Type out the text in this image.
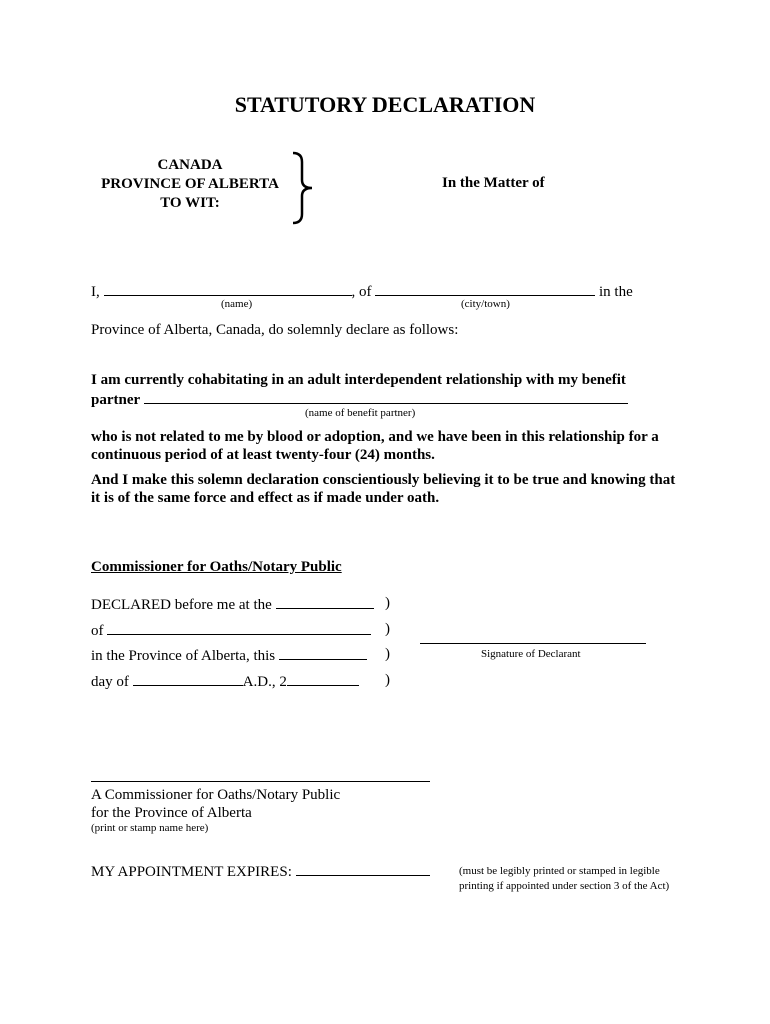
STATUTORY DECLARATION
CANADA
PROVINCE OF ALBERTA
TO WIT:
In the Matter of
I,	, of	in the
(name)	(city/town)
Province of Alberta, Canada, do solemnly declare as follows:
I am currently cohabitating in an adult interdependent relationship with my benefit
partner
(name of benefit partner)
who is not related to me by blood or adoption, and we have been in this relationship for a
continuous period of at least twenty-four (24) months.
And I make this solemn declaration conscientiously believing it to be true and knowing that
it is of the same force and effect as if made under oath.
Commissioner for Oaths/Notary Public
DECLARED before me at the
of
in the Province of Alberta, this
day of	A.D., 2
)
)
)
)
Signature of Declarant
A Commissioner for Oaths/Notary Public
for the Province of Alberta
(print or stamp name here)
MY APPOINTMENT EXPIRES:	(must be legibly printed or stamped in legible
printing if appointed under section 3 of the Act)
